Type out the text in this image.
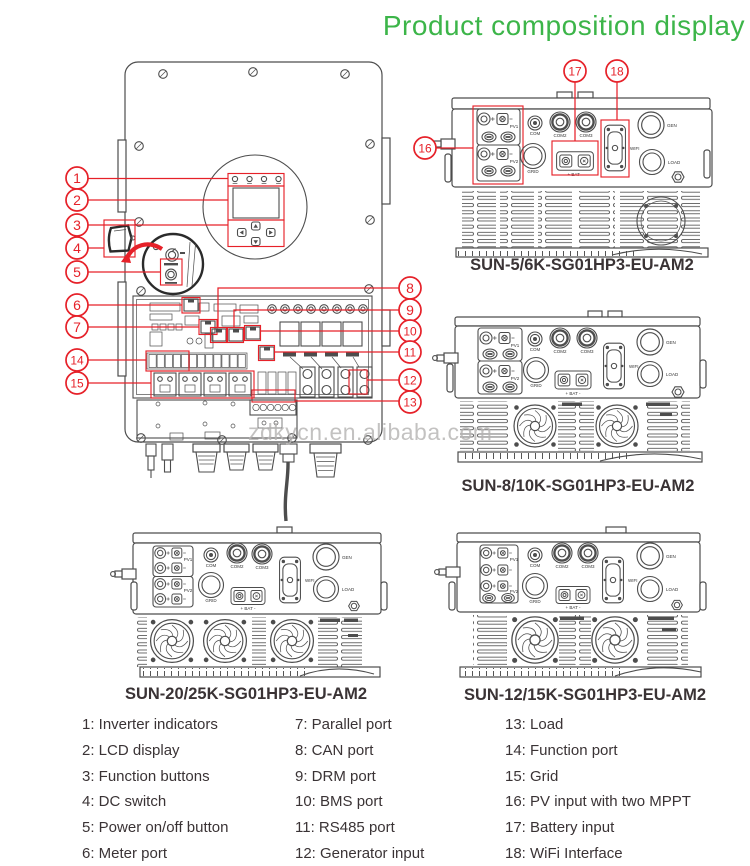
Product composition display
PV1
PV2
COM	COM2	COM3
GRID
+ BAT -
WIFI
GEN
LOAD
SUN-5/6K-SG01HP3-EU-AM2
PV1
PV2
COM	COM2	COM3
GRID
+ BAT -
WIFI
GEN
LOAD
SUN-8/10K-SG01HP3-EU-AM2
PV1
PV2
COM	COM2	COM3
GRID
+ BAT -
WIFI
GEN
LOAD
SUN-20/25K-SG01HP3-EU-AM2
PV1
PV2
COM	COM2	COM3
GRID
+ BAT -
WIFI
GEN
LOAD
SUN-12/15K-SG01HP3-EU-AM2
1
2
3
4
5
6
7
14
15
8
9
10
11
12
13
16
17 18
zdkycn.en.alibaba.com
1: Inverter indicators
2: LCD display
3: Function buttons
4: DC switch
5: Power on/off button
6: Meter port
7: Parallel port
8: CAN port
9: DRM port
10: BMS port
11: RS485 port
12: Generator input
13: Load
14: Function port
15: Grid
16: PV input with two MPPT
17: Battery input
18: WiFi Interface
